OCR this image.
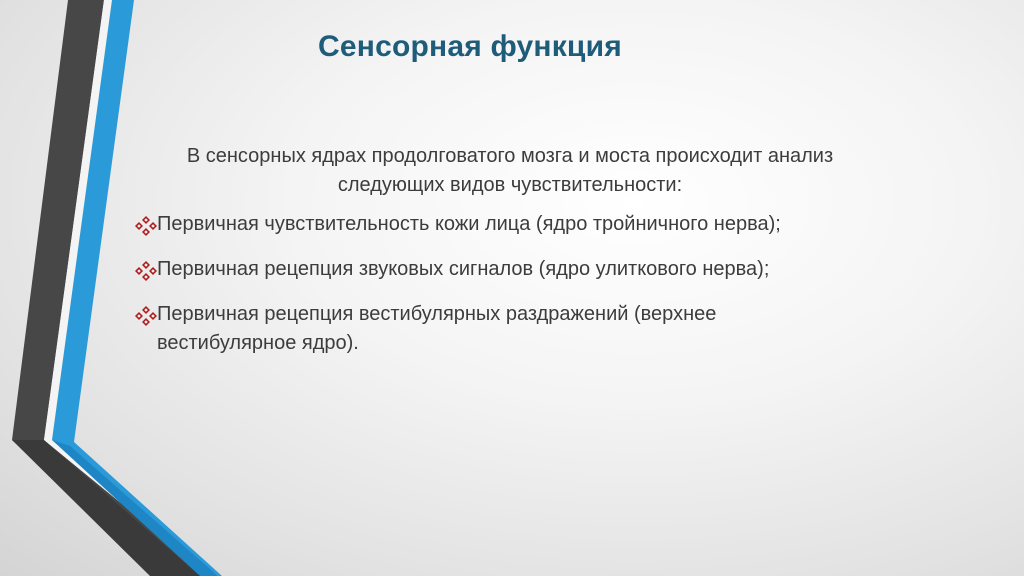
Сенсорная функция
В сенсорных ядрах продолговатого мозга и моста происходит анализ следующих видов чувствительности:
Первичная чувствительность кожи лица (ядро тройничного нерва);
Первичная рецепция звуковых сигналов (ядро улиткового нерва);
Первичная рецепция вестибулярных раздражений (верхнее вестибулярное ядро).
